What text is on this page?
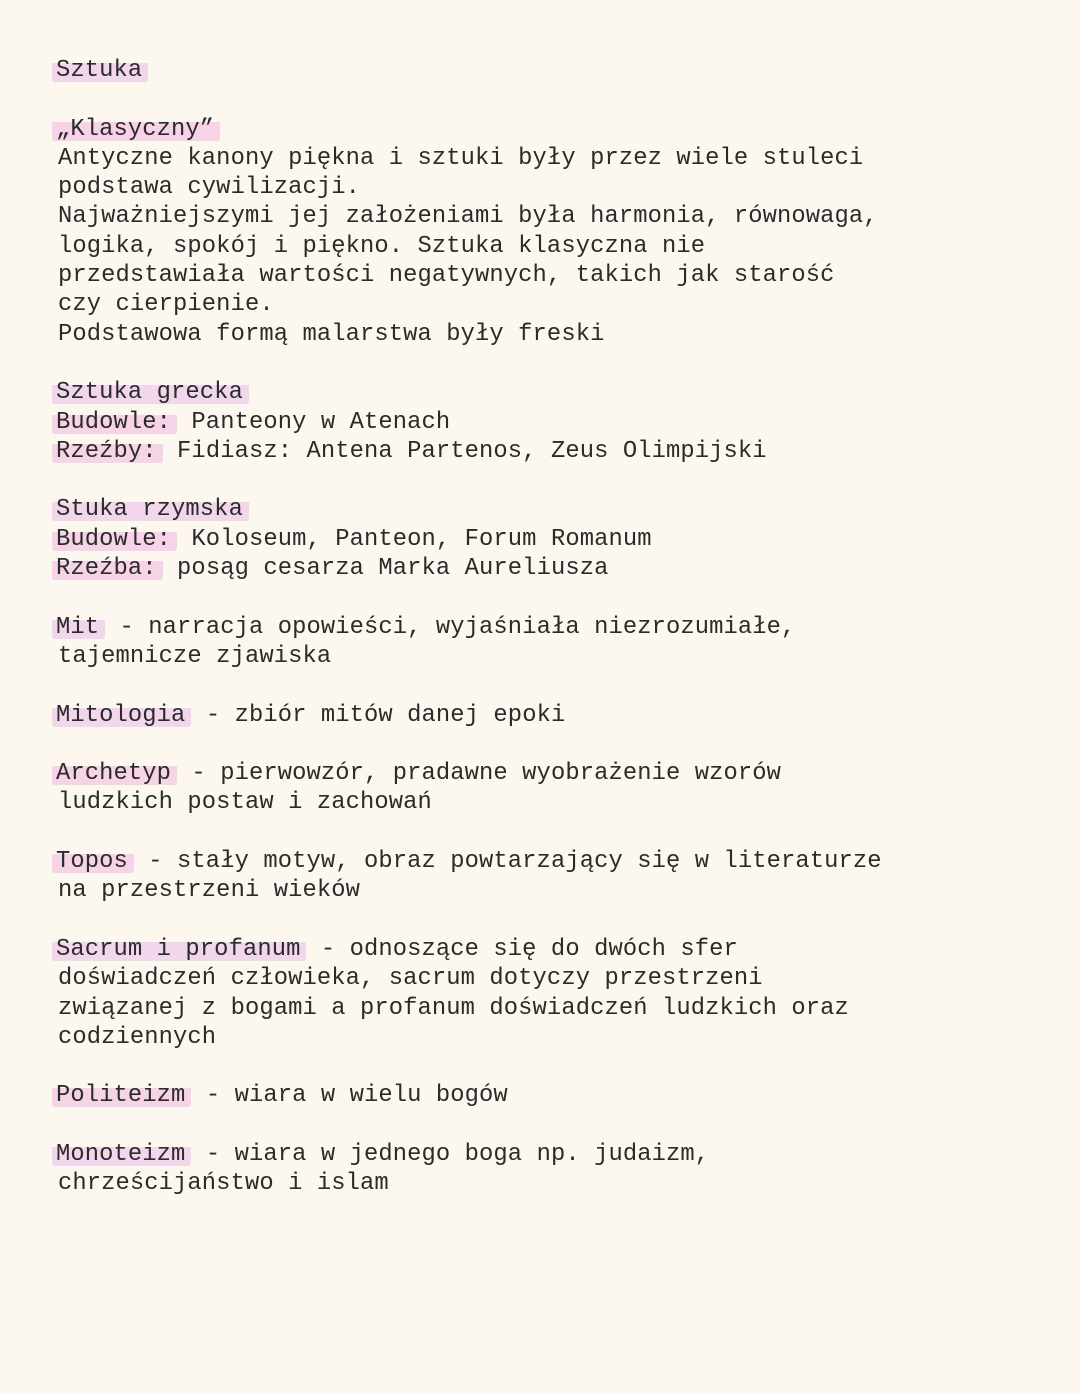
Sztuka
„Klasyczny”
Antyczne kanony piękna i sztuki były przez wiele stuleci
podstawa cywilizacji.
Najważniejszymi jej założeniami była harmonia, równowaga,
logika, spokój i piękno. Sztuka klasyczna nie
przedstawiała wartości negatywnych, takich jak starość
czy cierpienie.
Podstawowa formą malarstwa były freski
Sztuka grecka
Budowle: Panteony w Atenach
Rzeźby: Fidiasz: Antena Partenos, Zeus Olimpijski
Stuka rzymska
Budowle: Koloseum, Panteon, Forum Romanum
Rzeźba: posąg cesarza Marka Aureliusza
Mit - narracja opowieści, wyjaśniała niezrozumiałe,
tajemnicze zjawiska
Mitologia - zbiór mitów danej epoki
Archetyp - pierwowzór, pradawne wyobrażenie wzorów
ludzkich postaw i zachowań
Topos - stały motyw, obraz powtarzający się w literaturze
na przestrzeni wieków
Sacrum i profanum - odnoszące się do dwóch sfer
doświadczeń człowieka, sacrum dotyczy przestrzeni
związanej z bogami a profanum doświadczeń ludzkich oraz
codziennych
Politeizm - wiara w wielu bogów
Monoteizm - wiara w jednego boga np. judaizm,
chrześcijaństwo i islam
